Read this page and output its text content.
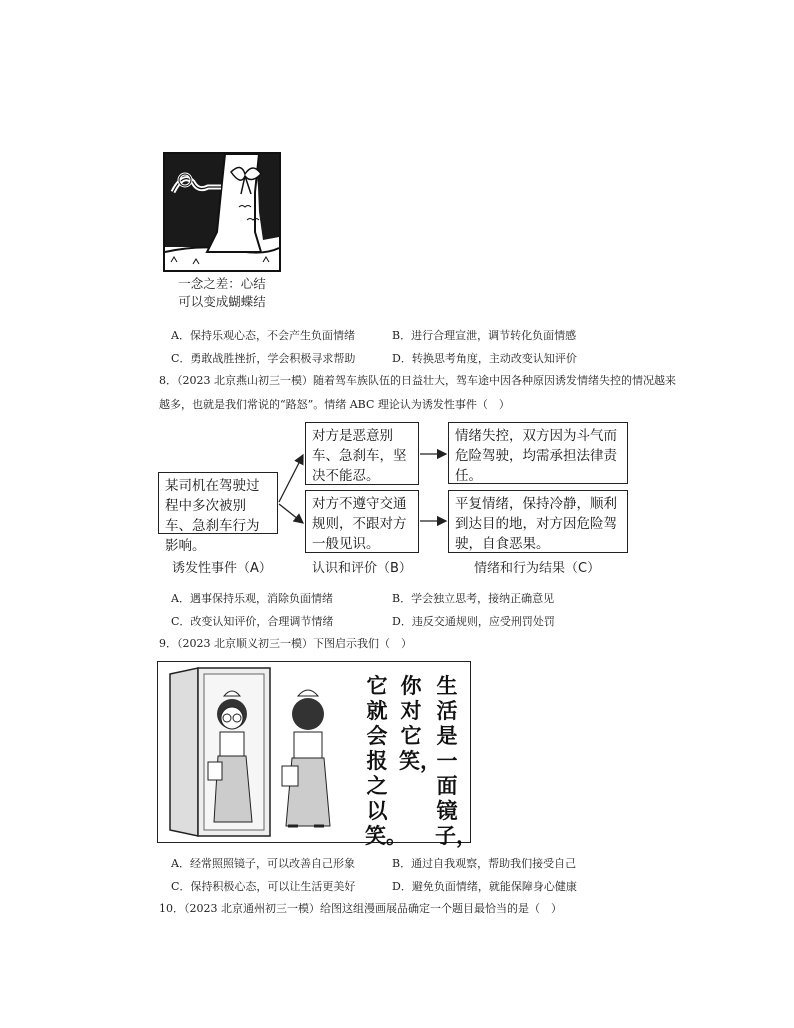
一念之差：心结
可以变成蝴蝶结
A．保持乐观心态，不会产生负面情绪	B．进行合理宣泄，调节转化负面情感
C．勇敢战胜挫折，学会积极寻求帮助	D．转换思考角度，主动改变认知评价
8．（2023 北京燕山初三一模）随着驾车族队伍的日益壮大，驾车途中因各种原因诱发情绪失控的情况越来
越多，也就是我们常说的“路怒”。情绪 ABC 理论认为诱发性事件（　）
某司机在驾驶过程中多次被别车、急刹车行为影响。
对方是恶意别车、急刹车，坚决不能忍。
对方不遵守交通规则，不跟对方一般见识。
情绪失控，双方因为斗气而危险驾驶，均需承担法律责任。
平复情绪，保持冷静，顺利到达目的地，对方因危险驾驶，自食恶果。
诱发性事件（A）	认识和评价（B）	情绪和行为结果（C）
A．遇事保持乐观，消除负面情绪	B．学会独立思考，接纳正确意见
C．改变认知评价，合理调节情绪	D．违反交通规则，应受刑罚处罚
9．（2023 北京顺义初三一模）下图启示我们（　）
它就会报之以笑。
你对它笑，
生活是一面镜子，
A．经常照照镜子，可以改善自己形象	B．通过自我观察，帮助我们接受自己
C．保持积极心态，可以让生活更美好	D．避免负面情绪，就能保障身心健康
10．（2023 北京通州初三一模）给图这组漫画展品确定一个题目最恰当的是（　）
